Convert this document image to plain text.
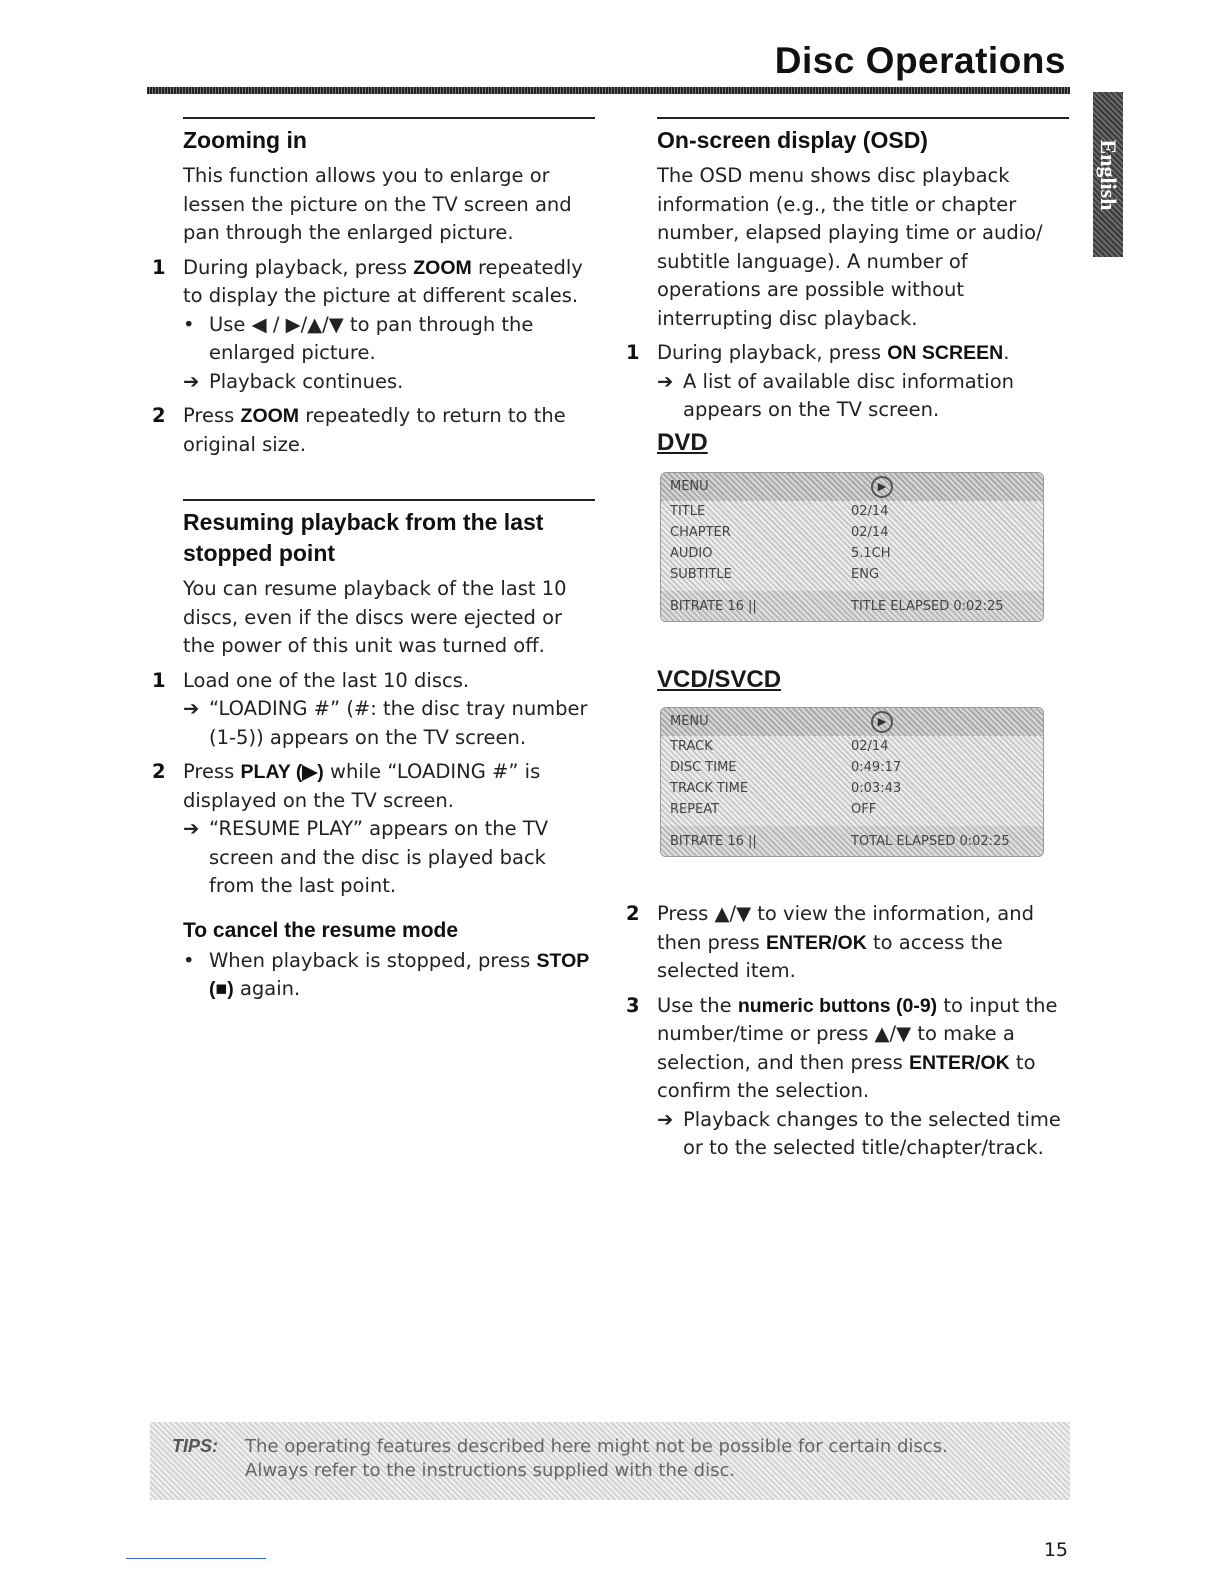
Disc Operations
English
Zooming in

This function allows you to enlarge or lessen the picture on the TV screen and pan through the enlarged picture.

1 During playback, press ZOOM repeatedly to display the picture at different scales.
• Use ◀ / ▶/▲/▼ to pan through the enlarged picture.
➔ Playback continues.
2 Press ZOOM repeatedly to return to the original size.
Resuming playback from the last stopped point

You can resume playback of the last 10 discs, even if the discs were ejected or the power of this unit was turned off.

1 Load one of the last 10 discs.
➔ “LOADING #” (#: the disc tray number (1-5)) appears on the TV screen.
2 Press PLAY (▶) while “LOADING #” is displayed on the TV screen.
➔ “RESUME PLAY” appears on the TV screen and the disc is played back from the last point.
To cancel the resume mode
• When playback is stopped, press STOP (■) again.
On-screen display (OSD)

The OSD menu shows disc playback information (e.g., the title or chapter number, elapsed playing time or audio/ subtitle language). A number of operations are possible without interrupting disc playback.

1 During playback, press ON SCREEN.
➔ A list of available disc information appears on the TV screen.
DVD
MENU	▶
TITLE	02/14
CHAPTER	02/14
AUDIO	5.1CH
SUBTITLE	ENG
BITRATE 16 ||	TITLE ELAPSED 0:02:25
VCD/SVCD
MENU	▶
TRACK	02/14
DISC TIME	0:49:17
TRACK TIME	0:03:43
REPEAT	OFF
BITRATE 16 ||	TOTAL ELAPSED 0:02:25
2 Press ▲/▼ to view the information, and then press ENTER/OK to access the selected item.
3 Use the numeric buttons (0-9) to input the number/time or press ▲/▼ to make a selection, and then press ENTER/OK to confirm the selection.
➔ Playback changes to the selected time or to the selected title/chapter/track.
TIPS: The operating features described here might not be possible for certain discs.
Always refer to the instructions supplied with the disc.
15
